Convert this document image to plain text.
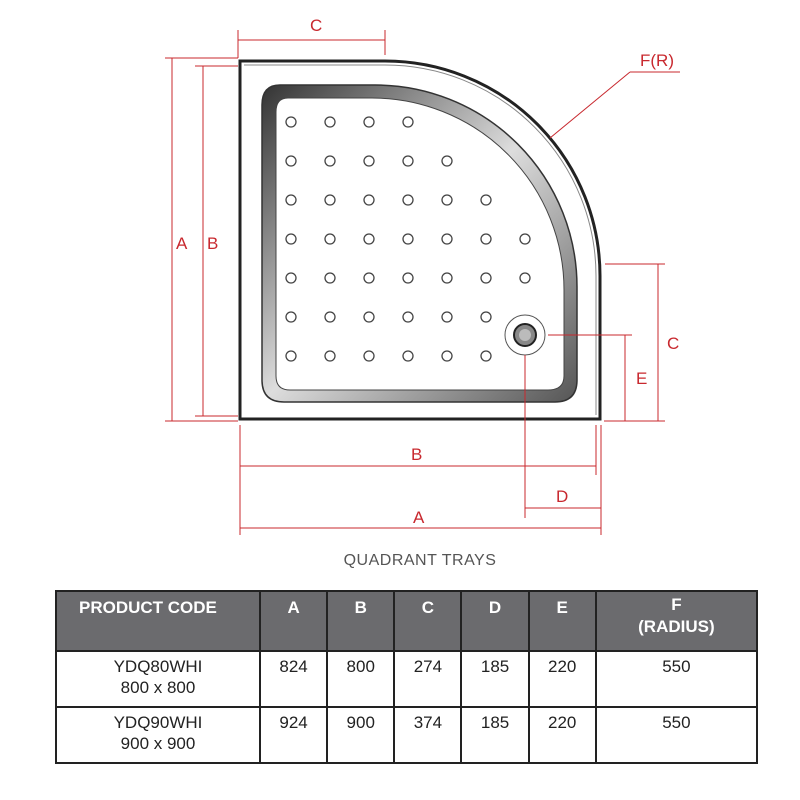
C
F(R)
A B
C
E
B
D
A
QUADRANT TRAYS
PRODUCT CODE	A	B	C	D	E	F
(RADIUS)

YDQ80WHI
800 x 800	824	800	274	185	220	550

YDQ90WHI
900 x 900	924	900	374	185	220	550
